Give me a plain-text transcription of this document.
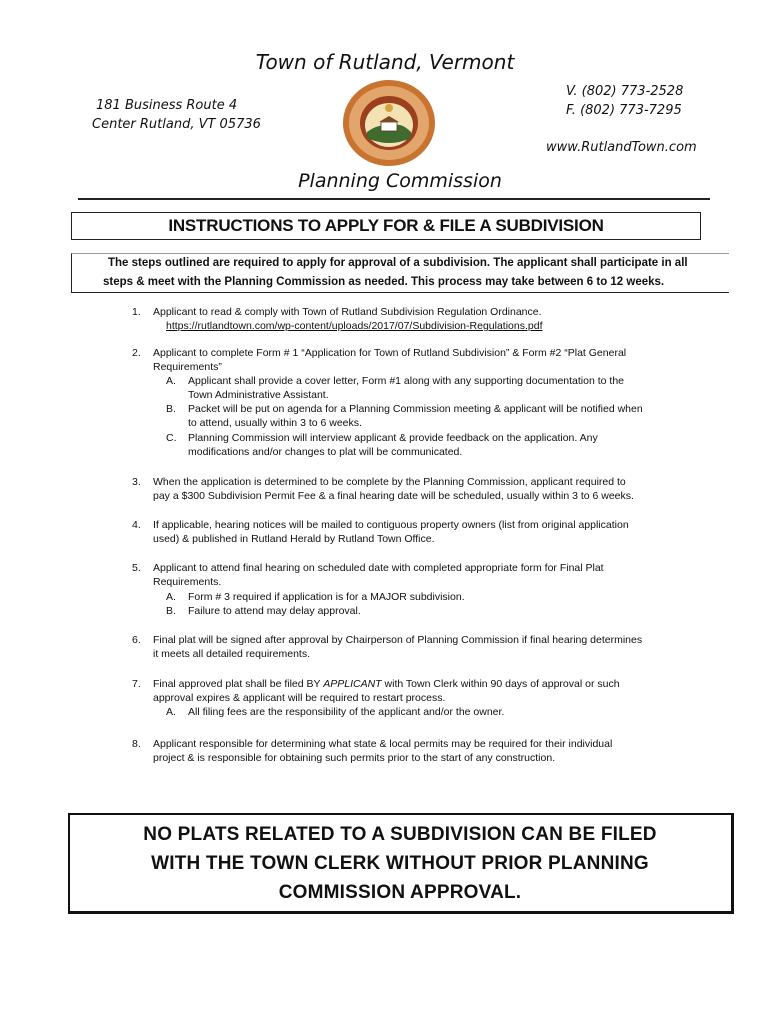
Town of Rutland, Vermont
181 Business Route 4
Center Rutland, VT 05736
V. (802) 773-2528
F. (802) 773-7295
www.RutlandTown.com
Planning Commission
INSTRUCTIONS TO APPLY FOR & FILE A SUBDIVISION
The steps outlined are required to apply for approval of a subdivision. The applicant shall participate in all
steps & meet with the Planning Commission as needed. This process may take between 6 to 12 weeks.
1. Applicant to read & comply with Town of Rutland Subdivision Regulation Ordinance.
https://rutlandtown.com/wp-content/uploads/2017/07/Subdivision-Regulations.pdf
2. Applicant to complete Form # 1 “Application for Town of Rutland Subdivision” & Form #2 “Plat General
Requirements”
A. Applicant shall provide a cover letter, Form #1 along with any supporting documentation to the
Town Administrative Assistant.
B. Packet will be put on agenda for a Planning Commission meeting & applicant will be notified when
to attend, usually within 3 to 6 weeks.
C. Planning Commission will interview applicant & provide feedback on the application. Any
modifications and/or changes to plat will be communicated.
3. When the application is determined to be complete by the Planning Commission, applicant required to
pay a $300 Subdivision Permit Fee & a final hearing date will be scheduled, usually within 3 to 6 weeks.
4. If applicable, hearing notices will be mailed to contiguous property owners (list from original application
used) & published in Rutland Herald by Rutland Town Office.
5. Applicant to attend final hearing on scheduled date with completed appropriate form for Final Plat
Requirements.
A. Form # 3 required if application is for a MAJOR subdivision.
B. Failure to attend may delay approval.
6. Final plat will be signed after approval by Chairperson of Planning Commission if final hearing determines
it meets all detailed requirements.
7. Final approved plat shall be filed BY APPLICANT with Town Clerk within 90 days of approval or such
approval expires & applicant will be required to restart process.
A. All filing fees are the responsibility of the applicant and/or the owner.
8. Applicant responsible for determining what state & local permits may be required for their individual
project & is responsible for obtaining such permits prior to the start of any construction.
NO PLATS RELATED TO A SUBDIVISION CAN BE FILED
WITH THE TOWN CLERK WITHOUT PRIOR PLANNING
COMMISSION APPROVAL.
